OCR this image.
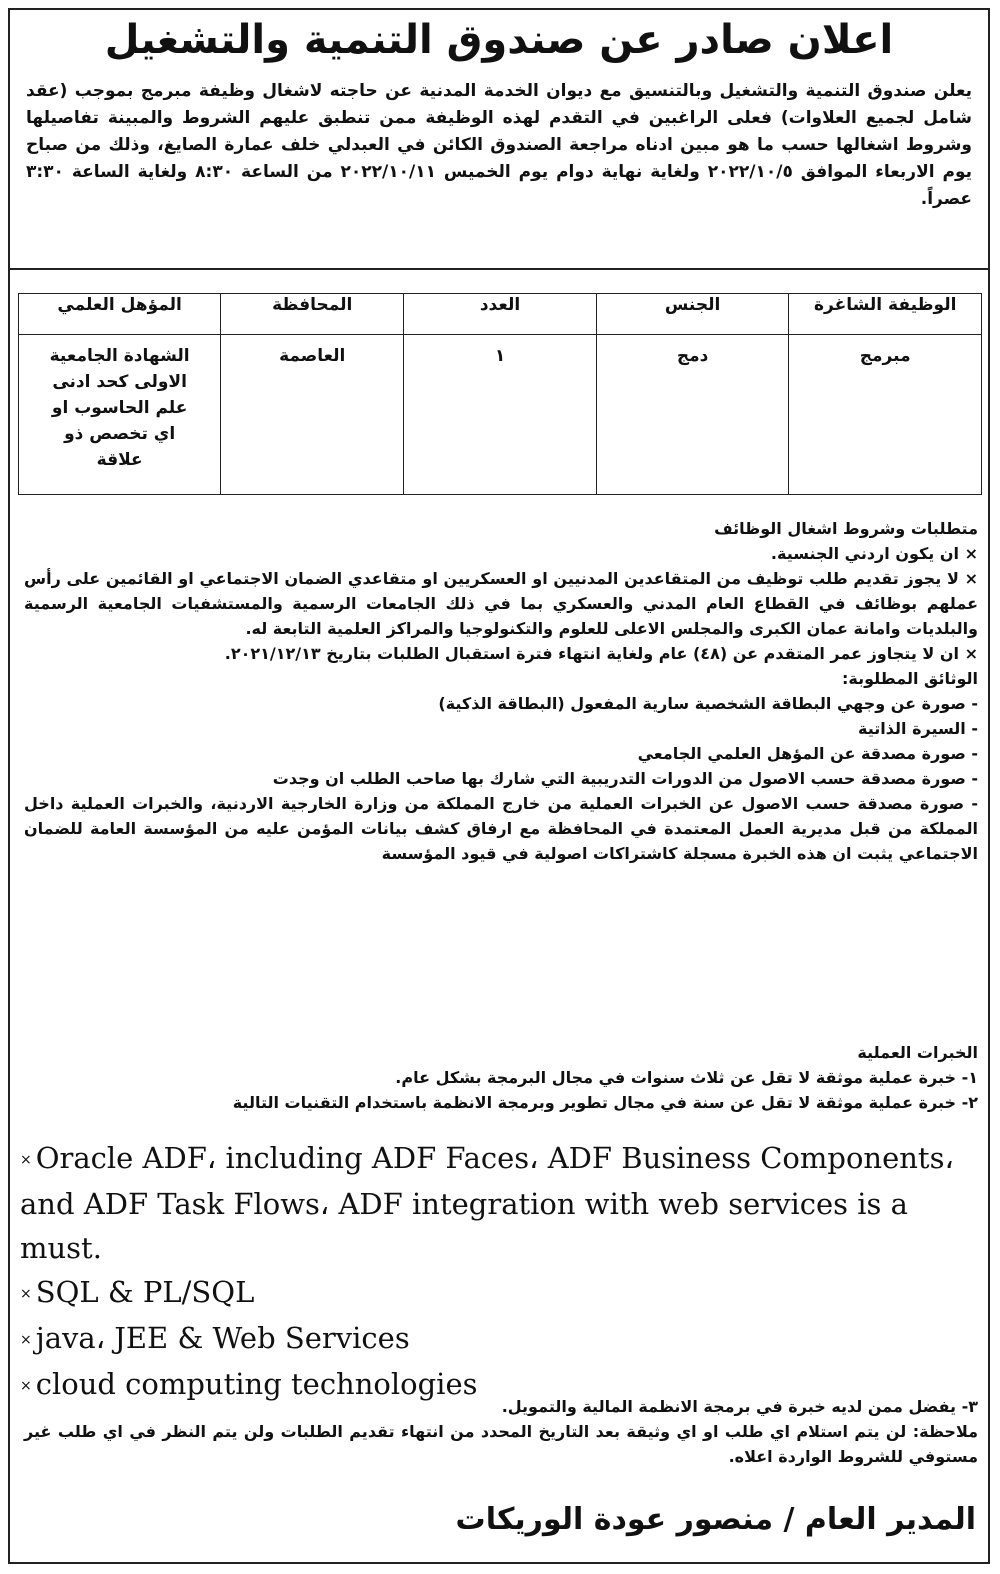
اعلان صادر عن صندوق التنمية والتشغيل
يعلن صندوق التنمية والتشغيل وبالتنسيق مع ديوان الخدمة المدنية عن حاجته لاشغال وظيفة مبرمج بموجب (عقد شامل لجميع العلاوات) فعلى الراغبين في التقدم لهذه الوظيفة ممن تنطبق عليهم الشروط والمبينة تفاصيلها وشروط اشغالها حسب ما هو مبين ادناه مراجعة الصندوق الكائن في العبدلي خلف عمارة الصايغ، وذلك من صباح يوم الاربعاء الموافق ٢٠٢٢/١٠/٥ ولغاية نهاية دوام يوم الخميس ٢٠٢٢/١٠/١١ من الساعة ٨:٣٠ ولغاية الساعة ٣:٣٠ عصراً.
الوظيفة الشاغرة	الجنس	العدد	المحافظة	المؤهل العلمي
مبرمج	دمج	١	العاصمة	الشهادة الجامعية الاولى كحد ادنى علم الحاسوب او اي تخصص ذو علاقة
متطلبات وشروط اشغال الوظائف
× ان يكون اردني الجنسية.
× لا يجوز تقديم طلب توظيف من المتقاعدين المدنيين او العسكريين او متقاعدي الضمان الاجتماعي او القائمين على رأس عملهم بوظائف في القطاع العام المدني والعسكري بما في ذلك الجامعات الرسمية والمستشفيات الجامعية الرسمية والبلديات وامانة عمان الكبرى والمجلس الاعلى للعلوم والتكنولوجيا والمراكز العلمية التابعة له.
× ان لا يتجاوز عمر المتقدم عن (٤٨) عام ولغاية انتهاء فترة استقبال الطلبات بتاريخ ٢٠٢١/١٢/١٣.
الوثائق المطلوبة:
- صورة عن وجهي البطاقة الشخصية سارية المفعول (البطاقة الذكية)
- السيرة الذاتية
- صورة مصدقة عن المؤهل العلمي الجامعي
- صورة مصدقة حسب الاصول من الدورات التدريبية التي شارك بها صاحب الطلب ان وجدت
- صورة مصدقة حسب الاصول عن الخبرات العملية من خارج المملكة من وزارة الخارجية الاردنية، والخبرات العملية داخل المملكة من قبل مديرية العمل المعتمدة في المحافظة مع ارفاق كشف بيانات المؤمن عليه من المؤسسة العامة للضمان الاجتماعي يثبت ان هذه الخبرة مسجلة كاشتراكات اصولية في قيود المؤسسة
الخبرات العملية
١- خبرة عملية موثقة لا تقل عن ثلاث سنوات في مجال البرمجة بشكل عام.
٢- خبرة عملية موثقة لا تقل عن سنة في مجال تطوير وبرمجة الانظمة باستخدام التقنيات التالية
× Oracle ADF، including ADF Faces، ADF Business Components، and ADF Task Flows، ADF integration with web services is a must.
× SQL & PL/SQL
× java، JEE & Web Services
× cloud computing technologies
٣- يفضل ممن لديه خبرة في برمجة الانظمة المالية والتمويل.
ملاحظة: لن يتم استلام اي طلب او اي وثيقة بعد التاريخ المحدد من انتهاء تقديم الطلبات ولن يتم النظر في اي طلب غير مستوفي للشروط الواردة اعلاه.
المدير العام / منصور عودة الوريكات
